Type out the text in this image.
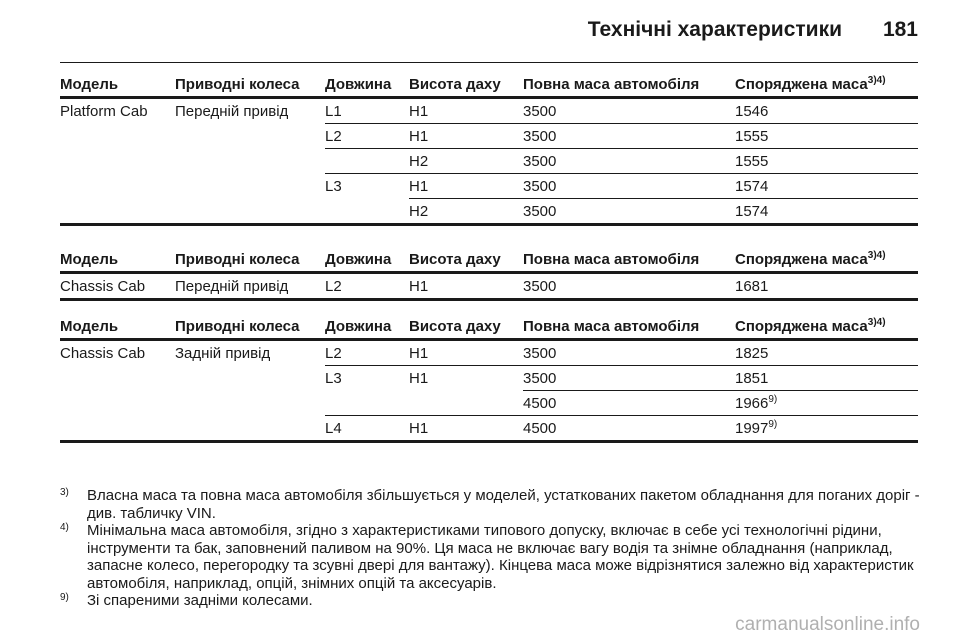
Технічні характеристики 181
Модель	Приводні колеса	Довжина	Висота даху	Повна маса автомобіля	Споряджена маса$^{3)4)}$
Platform Cab	Передній привід	L1	H1	3500	1546
		L2	H1	3500	1555
			H2	3500	1555
		L3	H1	3500	1574
			H2	3500	1574
Модель	Приводні колеса	Довжина	Висота даху	Повна маса автомобіля	Споряджена маса$^{3)4)}$
Chassis Cab	Передній привід	L2	H1	3500	1681
Модель	Приводні колеса	Довжина	Висота даху	Повна маса автомобіля	Споряджена маса$^{3)4)}$
Chassis Cab	Задній привід	L2	H1	3500	1825
		L3	H1	3500	1851
				4500	1966$^{9)}$
		L4	H1	4500	1997$^{9)}$
3) Власна маса та повна маса автомобіля збільшується у моделей, устаткованих пакетом обладнання для поганих доріг - див. табличку VIN.
4) Мінімальна маса автомобіля, згідно з характеристиками типового допуску, включає в себе усі технологічні рідини, інструменти та бак, заповнений паливом на 90%. Ця маса не включає вагу водія та знімне обладнання (наприклад, запасне колесо, перегородку та зсувні двері для вантажу). Кінцева маса може відрізнятися залежно від характеристик автомобіля, наприклад, опцій, знімних опцій та аксесуарів.
9) Зі спареними задніми колесами.
carmanualsonline.info
